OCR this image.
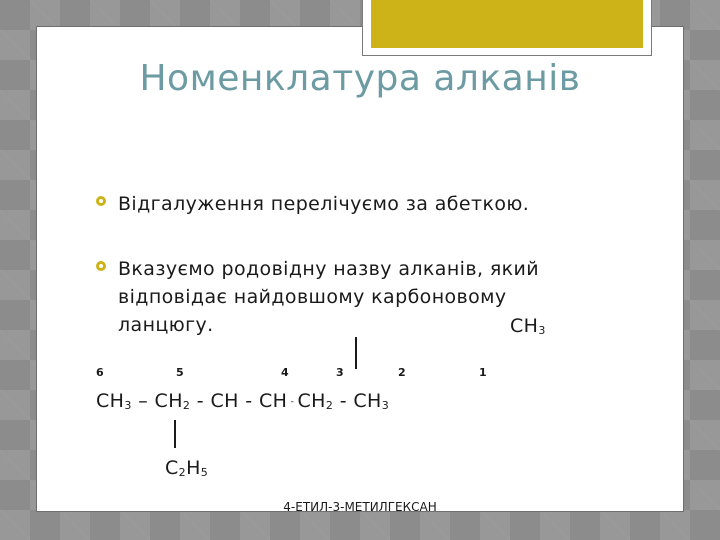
Номенклатура алканів
Відгалуження перелічуємо за абеткою.
Вказуємо родовідну назву алканів, який відповідає найдовшому карбоновому ланцюгу.	$CH_3$
6	5	4	3	2	1
$CH_3 - CH_2$ - CH - CH - $CH_2 - CH_3$
$C_2H_5$
4-ЕТИЛ-3-МЕТИЛГЕКСАН
